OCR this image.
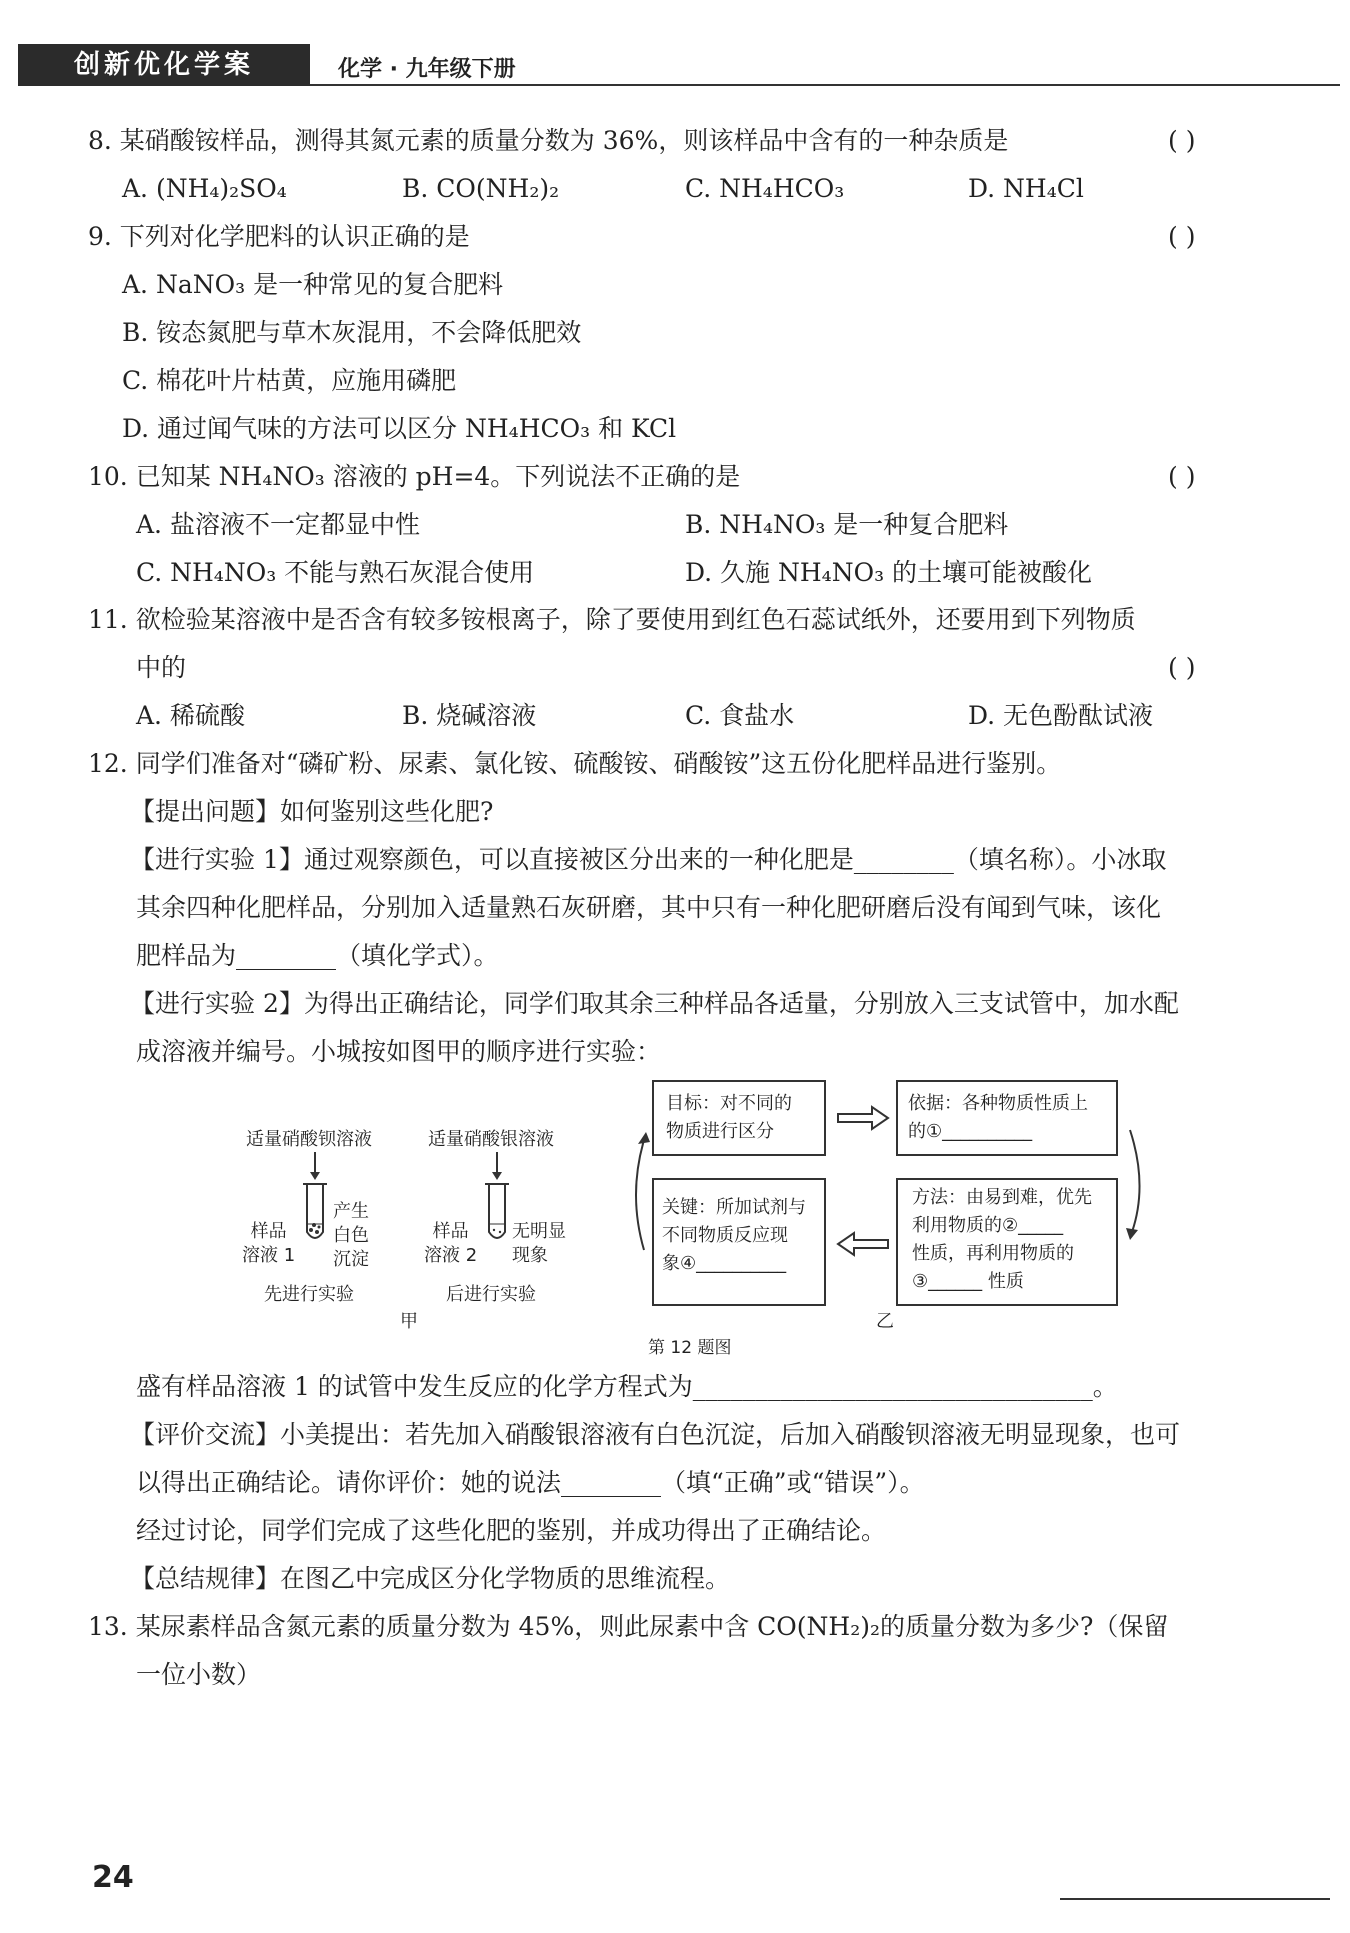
创新优化学案	化学 · 九年级下册
8. 某硝酸铵样品，测得其氮元素的质量分数为 36%，则该样品中含有的一种杂质是	( )
A. (NH₄)₂SO₄	B. CO(NH₂)₂	C. NH₄HCO₃	D. NH₄Cl
9. 下列对化学肥料的认识正确的是	( )
A. NaNO₃ 是一种常见的复合肥料
B. 铵态氮肥与草木灰混用，不会降低肥效
C. 棉花叶片枯黄，应施用磷肥
D. 通过闻气味的方法可以区分 NH₄HCO₃ 和 KCl
10. 已知某 NH₄NO₃ 溶液的 pH=4。下列说法不正确的是	( )
A. 盐溶液不一定都显中性	B. NH₄NO₃ 是一种复合肥料
C. NH₄NO₃ 不能与熟石灰混合使用	D. 久施 NH₄NO₃ 的土壤可能被酸化
11. 欲检验某溶液中是否含有较多铵根离子，除了要使用到红色石蕊试纸外，还要用到下列物质
中的	( )
A. 稀硫酸	B. 烧碱溶液	C. 食盐水	D. 无色酚酞试液
12. 同学们准备对“磷矿粉、尿素、氯化铵、硫酸铵、硝酸铵”这五份化肥样品进行鉴别。
【提出问题】如何鉴别这些化肥?
【进行实验 1】通过观察颜色，可以直接被区分出来的一种化肥是________（填名称）。小冰取
其余四种化肥样品，分别加入适量熟石灰研磨，其中只有一种化肥研磨后没有闻到气味，该化
肥样品为________（填化学式）。
【进行实验 2】为得出正确结论，同学们取其余三种样品各适量，分别放入三支试管中，加水配
成溶液并编号。小城按如图甲的顺序进行实验：
适量硝酸钡溶液	适量硝酸银溶液
样品
溶液 1
产生
白色
沉淀
样品
溶液 2
无明显
现象
先进行实验	后进行实验
甲
目标：对不同的
物质进行区分
依据：各种物质性质上
的①__________
关键：所加试剂与
不同物质反应现
象④__________
方法：由易到难，优先
利用物质的②_____
性质，再利用物质的
③______ 性质
乙
第 12 题图
盛有样品溶液 1 的试管中发生反应的化学方程式为________________________________。
【评价交流】小美提出：若先加入硝酸银溶液有白色沉淀，后加入硝酸钡溶液无明显现象，也可
以得出正确结论。请你评价：她的说法________（填“正确”或“错误”）。
经过讨论，同学们完成了这些化肥的鉴别，并成功得出了正确结论。
【总结规律】在图乙中完成区分化学物质的思维流程。
13. 某尿素样品含氮元素的质量分数为 45%，则此尿素中含 CO(NH₂)₂的质量分数为多少?（保留
一位小数）
24
